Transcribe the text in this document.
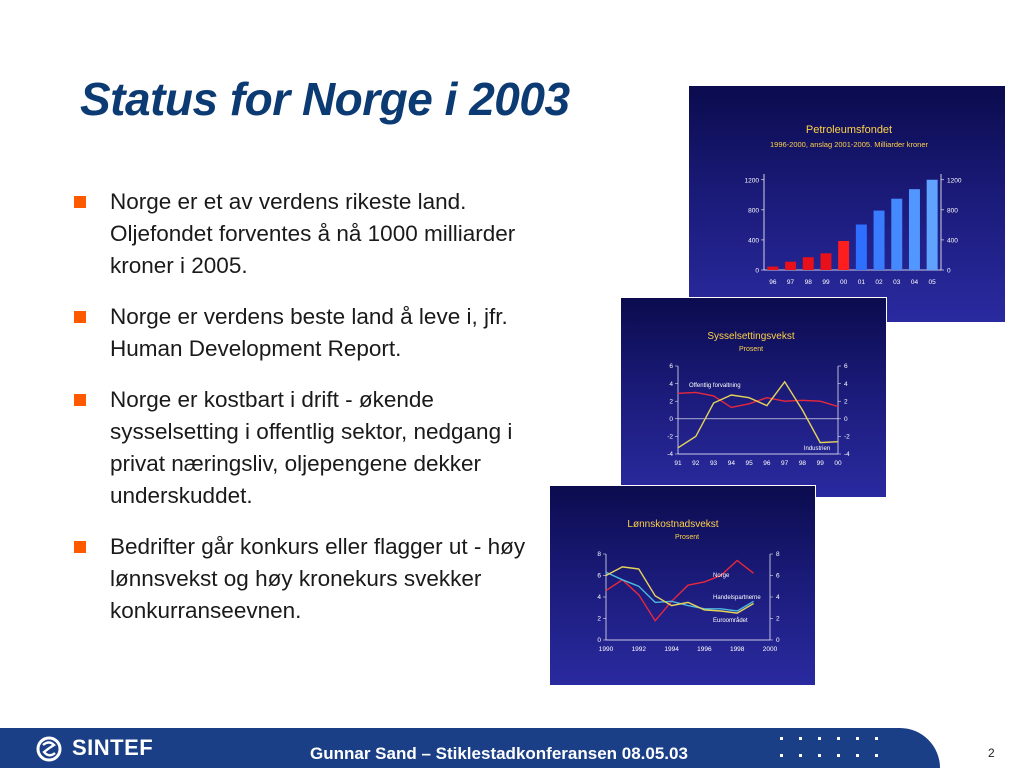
Status for Norge i 2003
Norge er et av verdens rikeste land. Oljefondet forventes å nå 1000 milliarder kroner i 2005.
Norge er verdens beste land å leve i, jfr. Human Development Report.
Norge er kostbart i drift - økende sysselsetting i offentlig sektor, nedgang i privat næringsliv, oljepengene dekker underskuddet.
Bedrifter går konkurs eller flagger ut - høy lønnsvekst og høy kronekurs svekker konkurranseevnen.
Petroleumsfondet
1996-2000, anslag 2001-2005. Milliarder kroner
0	0
400	400
800	800
1200	1200
96 97 98 99 00 01 02 03 04 05
Sysselsettingsvekst
Prosent
-4	-4
-2	-2
0	0
2	2
4	4
6	6
91 92 93 94 95 96 97 98 99 00
Offentlig forvaltning
Industrien
Lønnskostnadsvekst
Prosent
0	0
2	2
4	4
6	6
8	8
1990	1992	1994	1996	1998	2000
Norge
Handelspartnerne
Euroområdet
SINTEF	Gunnar Sand – Stiklestadkonferansen 08.05.03	2
